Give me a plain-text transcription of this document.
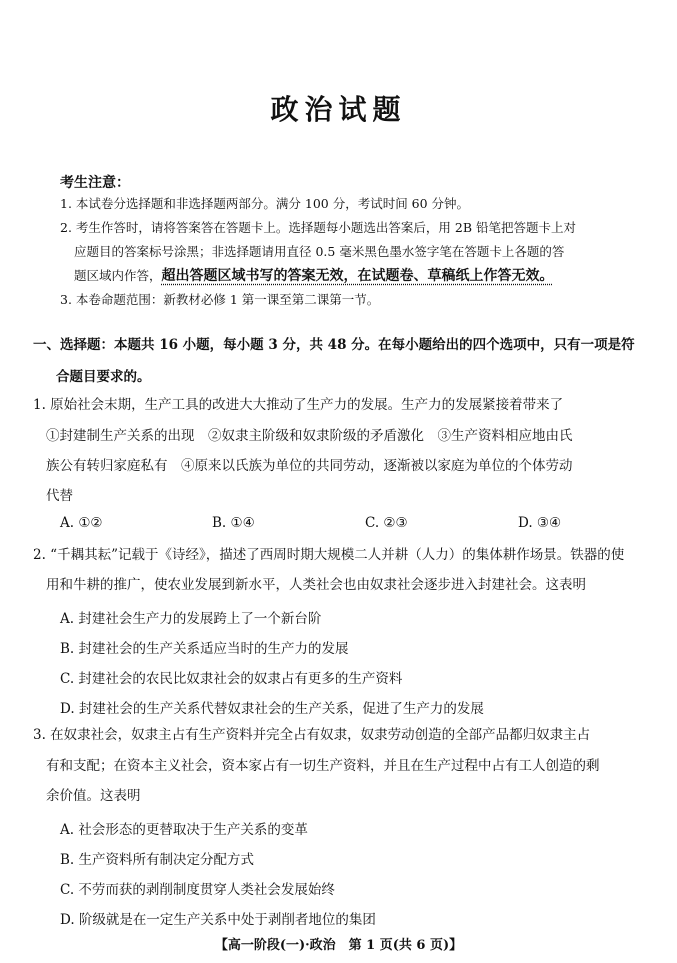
政治试题
考生注意：
1. 本试卷分选择题和非选择题两部分。满分 100 分，考试时间 60 分钟。
2. 考生作答时，请将答案答在答题卡上。选择题每小题选出答案后，用 2B 铅笔把答题卡上对
应题目的答案标号涂黑；非选择题请用直径 0.5 毫米黑色墨水签字笔在答题卡上各题的答
题区域内作答，超出答题区域书写的答案无效，在试题卷、草稿纸上作答无效。
3. 本卷命题范围：新教材必修 1 第一课至第二课第一节。
一、选择题：本题共 16 小题，每小题 3 分，共 48 分。在每小题给出的四个选项中，只有一项是符
合题目要求的。
1. 原始社会末期，生产工具的改进大大推动了生产力的发展。生产力的发展紧接着带来了
①封建制生产关系的出现　②奴隶主阶级和奴隶阶级的矛盾激化　③生产资料相应地由氏
族公有转归家庭私有　④原来以氏族为单位的共同劳动，逐渐被以家庭为单位的个体劳动
代替
A. ①②	B. ①④	C. ②③	D. ③④
2. “千耦其耘”记载于《诗经》，描述了西周时期大规模二人并耕（人力）的集体耕作场景。铁器的使
用和牛耕的推广，使农业发展到新水平，人类社会也由奴隶社会逐步进入封建社会。这表明
A. 封建社会生产力的发展跨上了一个新台阶
B. 封建社会的生产关系适应当时的生产力的发展
C. 封建社会的农民比奴隶社会的奴隶占有更多的生产资料
D. 封建社会的生产关系代替奴隶社会的生产关系，促进了生产力的发展
3. 在奴隶社会，奴隶主占有生产资料并完全占有奴隶，奴隶劳动创造的全部产品都归奴隶主占
有和支配；在资本主义社会，资本家占有一切生产资料，并且在生产过程中占有工人创造的剩
余价值。这表明
A. 社会形态的更替取决于生产关系的变革
B. 生产资料所有制决定分配方式
C. 不劳而获的剥削制度贯穿人类社会发展始终
D. 阶级就是在一定生产关系中处于剥削者地位的集团
【高一阶段(一)·政治　第 1 页(共 6 页)】
